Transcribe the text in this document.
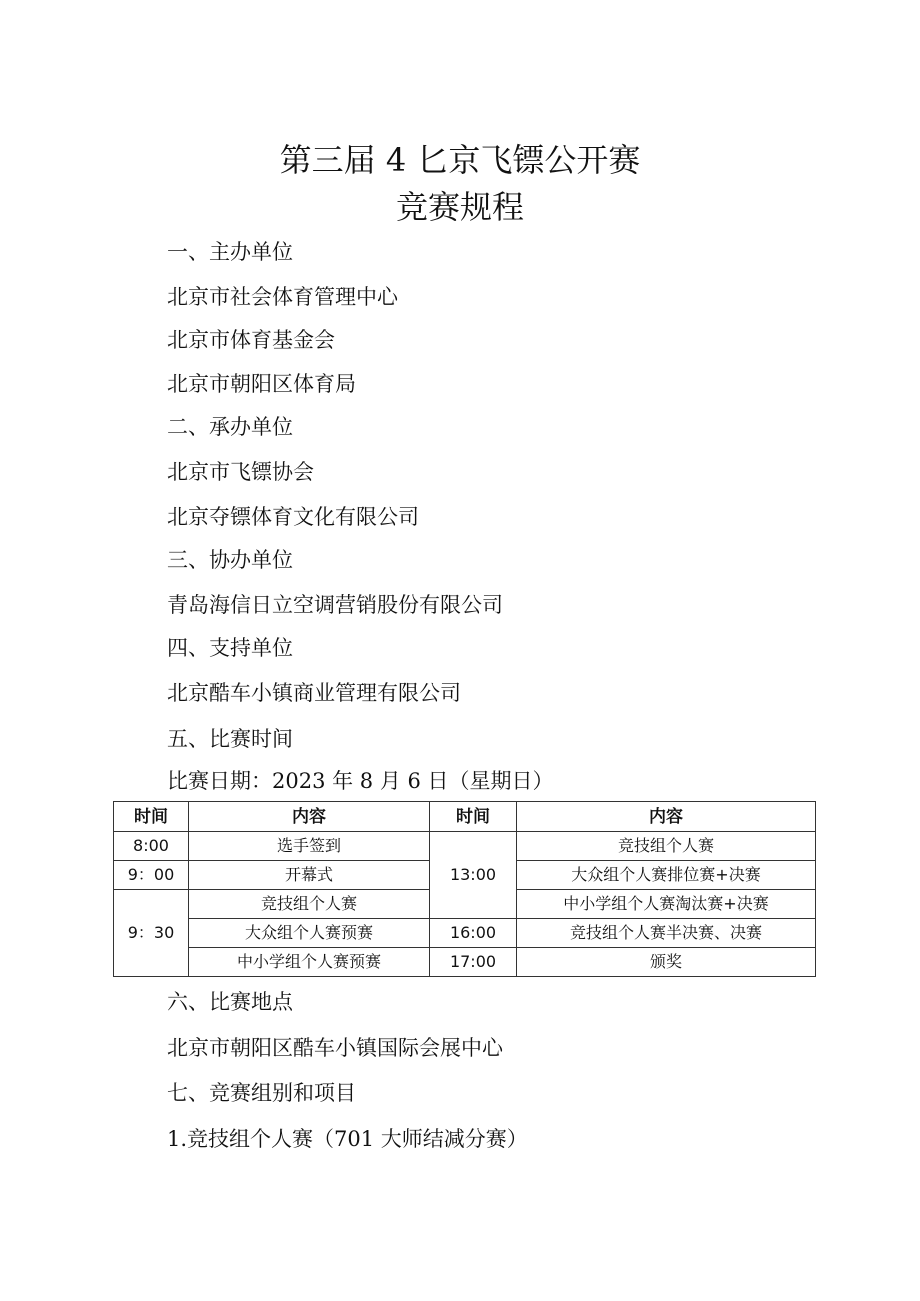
第三届 4 匕京飞镖公开赛
竞赛规程
一、主办单位
北京市社会体育管理中心
北京市体育基金会
北京市朝阳区体育局
二、承办单位
北京市飞镖协会
北京夺镖体育文化有限公司
三、协办单位
青岛海信日立空调营销股份有限公司
四、支持单位
北京酷车小镇商业管理有限公司
五、比赛时间
比赛日期：2023 年 8 月 6 日（星期日）
时间	内容	时间	内容
8:00	选手签到	13:00	竞技组个人赛
9：00	开幕式		大众组个人赛排位赛+决赛
9：30	竞技组个人赛		中小学组个人赛淘汰赛+决赛
	大众组个人赛预赛	16:00	竞技组个人赛半决赛、决赛
	中小学组个人赛预赛	17:00	颁奖
六、比赛地点
北京市朝阳区酷车小镇国际会展中心
七、竞赛组别和项目
1.竞技组个人赛（701 大师结减分赛）
